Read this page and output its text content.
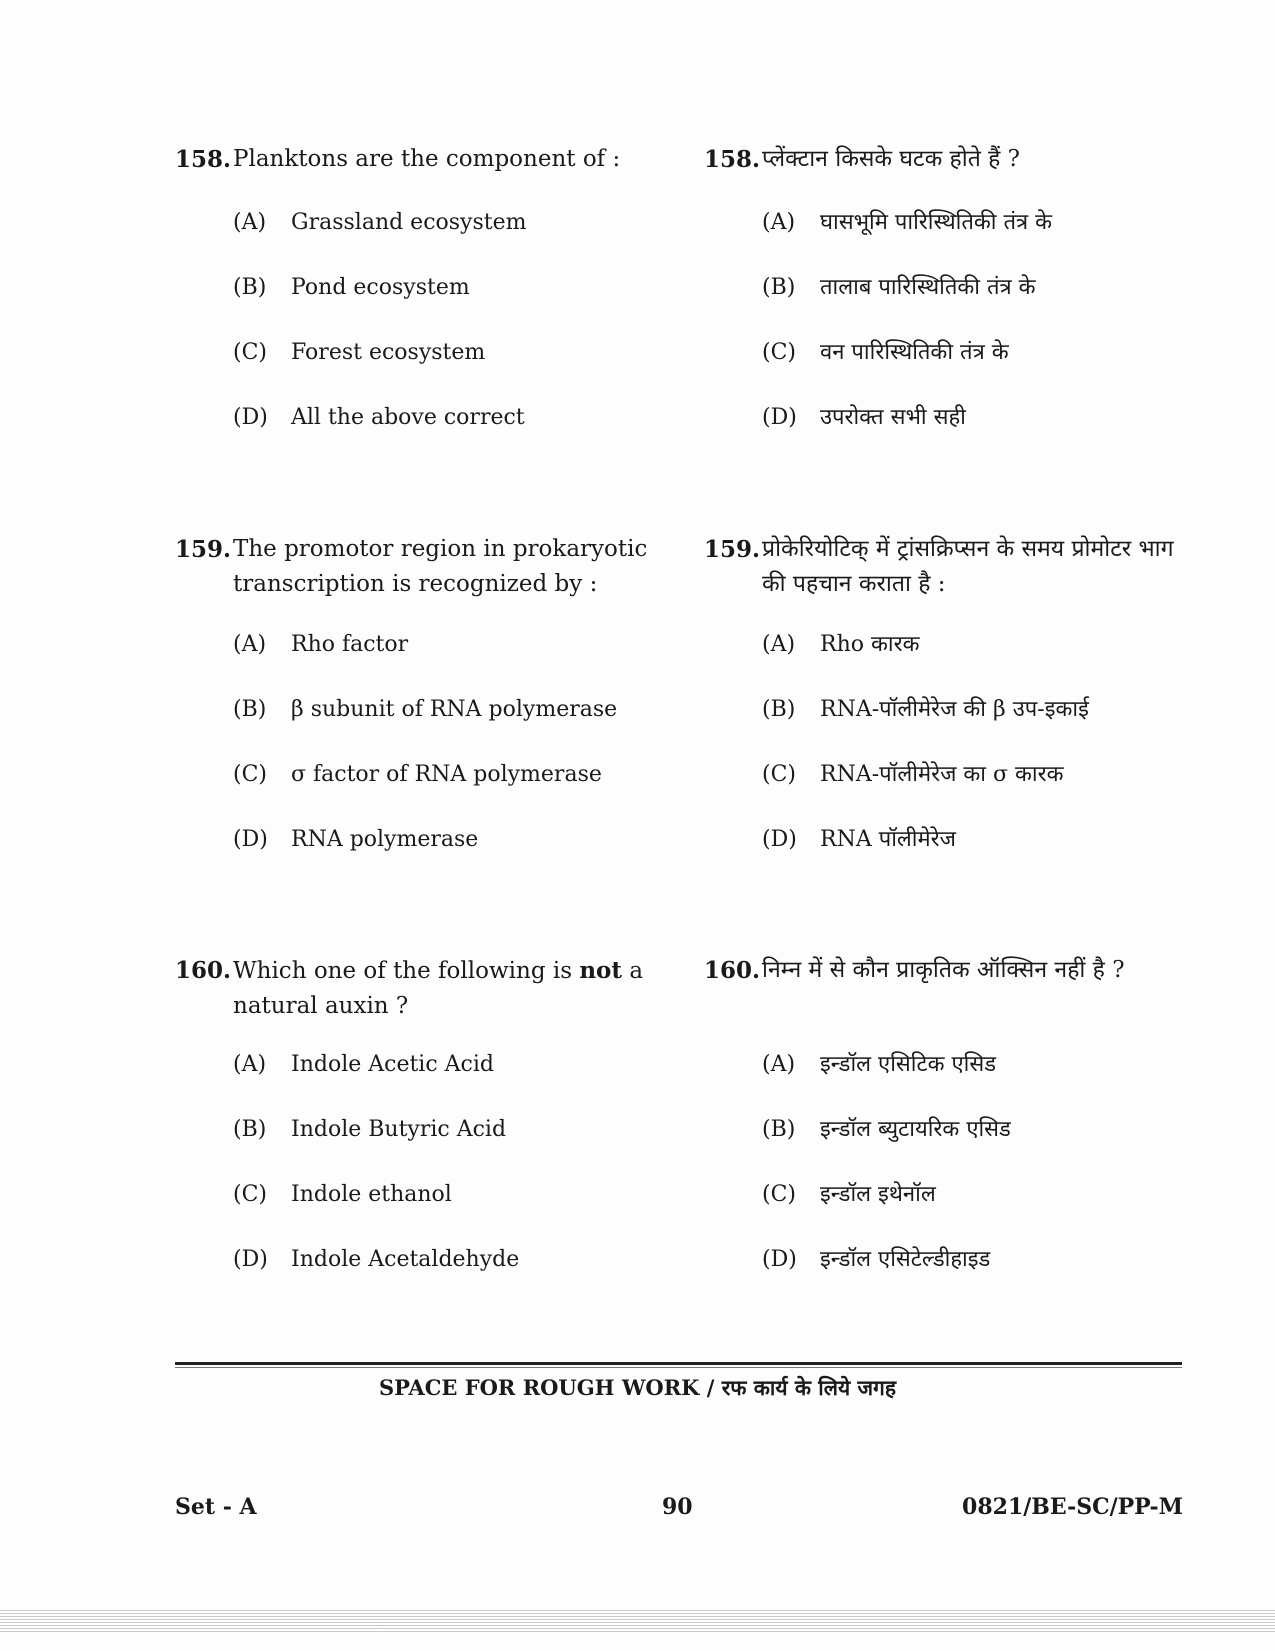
158. Planktons are the component of :
(A)	Grassland ecosystem
(B)	Pond ecosystem
(C)	Forest ecosystem
(D)	All the above correct
159. The promotor region in prokaryotic transcription is recognized by :
(A)	Rho factor
(B)	β subunit of RNA polymerase
(C)	σ factor of RNA polymerase
(D)	RNA polymerase
160. Which one of the following is not a natural auxin ?
(A)	Indole Acetic Acid
(B)	Indole Butyric Acid
(C)	Indole ethanol
(D)	Indole Acetaldehyde
158. प्लेंक्टान किसके घटक होते हैं ?
(A)	घासभूमि पारिस्थितिकी तंत्र के
(B)	तालाब पारिस्थितिकी तंत्र के
(C)	वन पारिस्थितिकी तंत्र के
(D)	उपरोक्त सभी सही
159. प्रोकेरियोटिक् में ट्रांसक्रिप्सन के समय प्रोमोटर भाग की पहचान कराता है :
(A)	Rho कारक
(B)	RNA-पॉलीमेरेज की β उप-इकाई
(C)	RNA-पॉलीमेरेज का σ कारक
(D)	RNA पॉलीमेरेज
160. निम्न में से कौन प्राकृतिक ऑक्सिन नहीं है ?
(A)	इन्डॉल एसिटिक एसिड
(B)	इन्डॉल ब्युटायरिक एसिड
(C)	इन्डॉल इथेनॉल
(D)	इन्डॉल एसिटेल्डीहाइड
SPACE FOR ROUGH WORK / रफ कार्य के लिये जगह
Set - A	90	0821/BE-SC/PP-M
